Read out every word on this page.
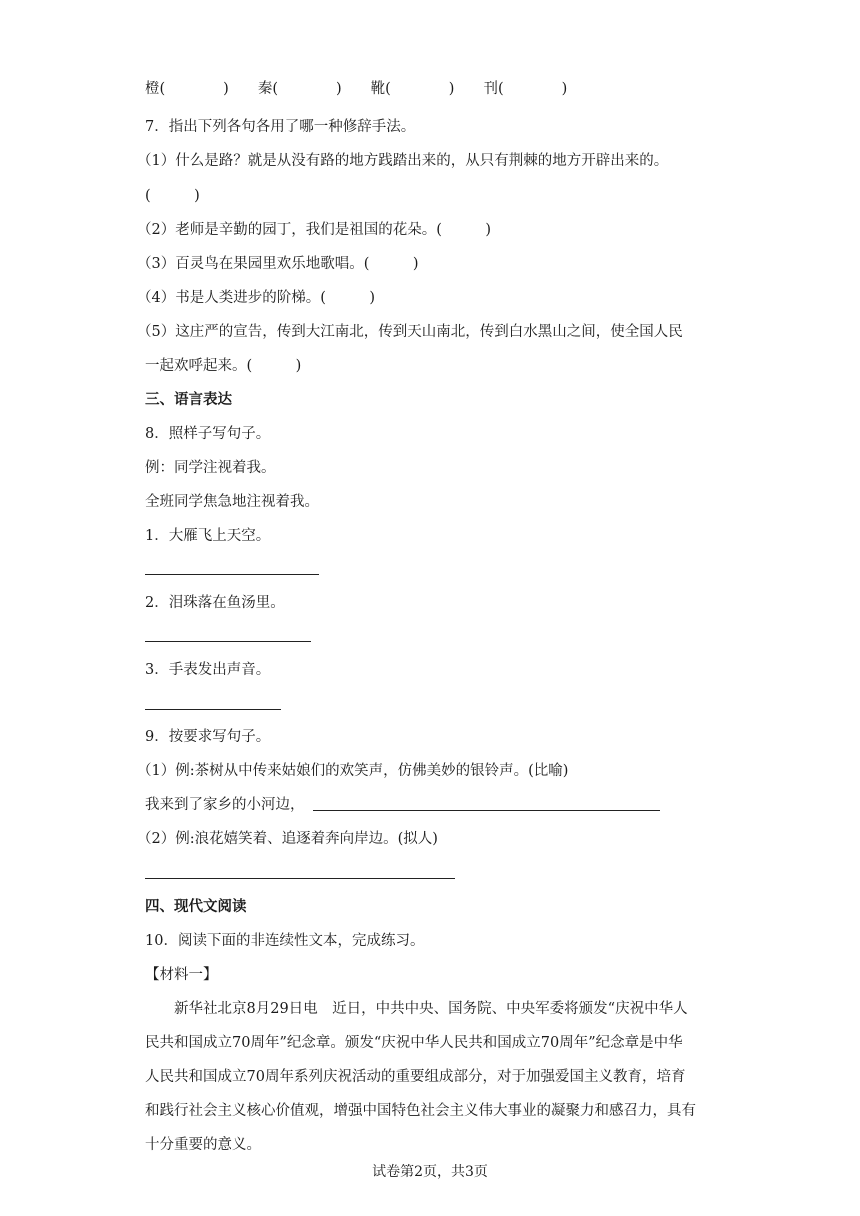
橙(　　　　)　　秦(　　　　)　　靴(　　　　)　　刊(　　　　)
7．指出下列各句各用了哪一种修辞手法。
（1）什么是路？就是从没有路的地方践踏出来的，从只有荆棘的地方开辟出来的。
(　　　)
（2）老师是辛勤的园丁，我们是祖国的花朵。(　　　)
（3）百灵鸟在果园里欢乐地歌唱。(　　　)
（4）书是人类进步的阶梯。(　　　)
（5）这庄严的宣告，传到大江南北，传到天山南北，传到白水黑山之间，使全国人民
一起欢呼起来。(　　　)
三、语言表达
8．照样子写句子。
例：同学注视着我。
全班同学焦急地注视着我。
1．大雁飞上天空。
2．泪珠落在鱼汤里。
3．手表发出声音。
9．按要求写句子。
（1）例:茶树从中传来姑娘们的欢笑声，仿佛美妙的银铃声。(比喻)
我来到了家乡的小河边，
（2）例:浪花嬉笑着、追逐着奔向岸边。(拟人)
四、现代文阅读
10．阅读下面的非连续性文本，完成练习。
【材料一】
新华社北京8月29日电　近日，中共中央、国务院、中央军委将颁发“庆祝中华人
民共和国成立70周年”纪念章。颁发“庆祝中华人民共和国成立70周年”纪念章是中华
人民共和国成立70周年系列庆祝活动的重要组成部分，对于加强爱国主义教育，培育
和践行社会主义核心价值观，增强中国特色社会主义伟大事业的凝聚力和感召力，具有
十分重要的意义。
试卷第2页，共3页
